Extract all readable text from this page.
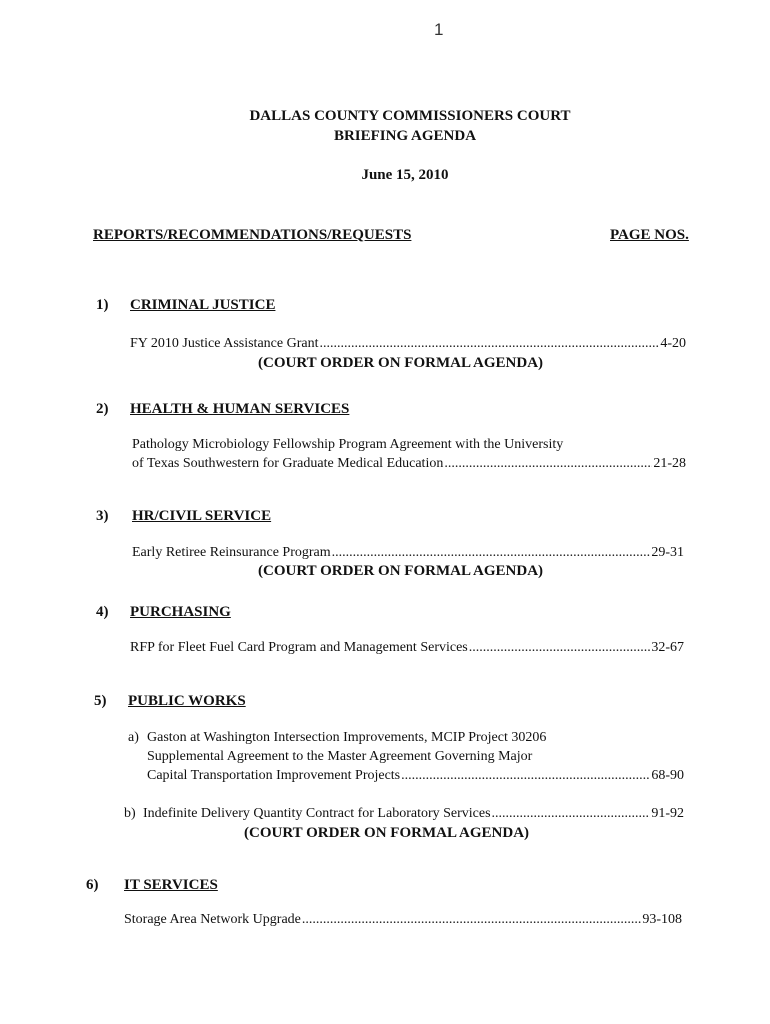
1
DALLAS COUNTY COMMISSIONERS COURT
BRIEFING AGENDA
June 15, 2010
REPORTS/RECOMMENDATIONS/REQUESTS	PAGE NOS.
1) CRIMINAL JUSTICE
FY 2010 Justice Assistance Grant .....	4-20
(COURT ORDER ON FORMAL AGENDA)
2) HEALTH & HUMAN SERVICES
Pathology Microbiology Fellowship Program Agreement with the University
of Texas Southwestern for Graduate Medical Education .....	21-28
3) HR/CIVIL SERVICE
Early Retiree Reinsurance Program .....	29-31
(COURT ORDER ON FORMAL AGENDA)
4) PURCHASING
RFP for Fleet Fuel Card Program and Management Services .....	32-67
5) PUBLIC WORKS
a) Gaston at Washington Intersection Improvements, MCIP Project 30206
Supplemental Agreement to the Master Agreement Governing Major
Capital Transportation Improvement Projects .....	68-90
b) Indefinite Delivery Quantity Contract for Laboratory Services .....	91-92
(COURT ORDER ON FORMAL AGENDA)
6) IT SERVICES
Storage Area Network Upgrade .....	93-108
